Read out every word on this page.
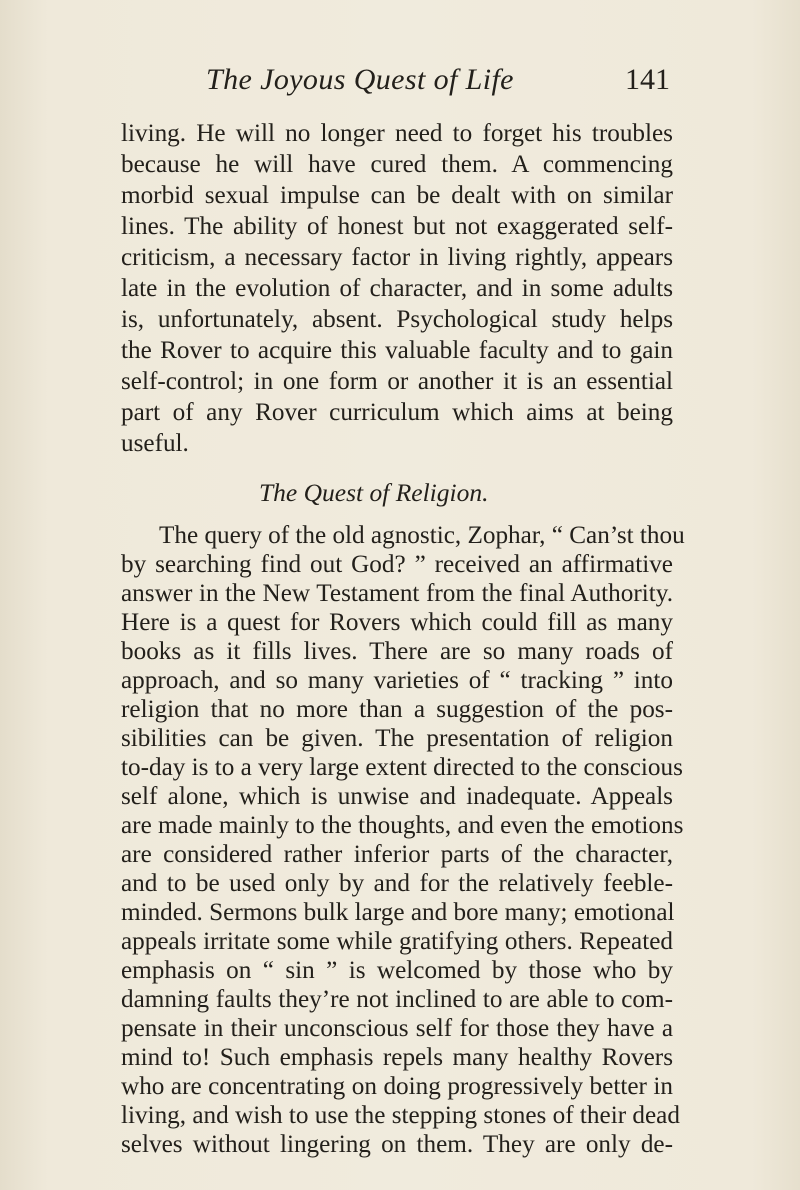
The Joyous Quest of Life	141
living. He will no longer need to forget his troubles
because he will have cured them. A commencing
morbid sexual impulse can be dealt with on similar
lines. The ability of honest but not exaggerated self-
criticism, a necessary factor in living rightly, appears
late in the evolution of character, and in some adults
is, unfortunately, absent. Psychological study helps
the Rover to acquire this valuable faculty and to gain
self-control; in one form or another it is an essential
part of any Rover curriculum which aims at being
useful.
The Quest of Religion.
The query of the old agnostic, Zophar, “ Can’st thou
by searching find out God? ” received an affirmative
answer in the New Testament from the final Authority.
Here is a quest for Rovers which could fill as many
books as it fills lives. There are so many roads of
approach, and so many varieties of “ tracking ” into
religion that no more than a suggestion of the pos-
sibilities can be given. The presentation of religion
to-day is to a very large extent directed to the conscious
self alone, which is unwise and inadequate. Appeals
are made mainly to the thoughts, and even the emotions
are considered rather inferior parts of the character,
and to be used only by and for the relatively feeble-
minded. Sermons bulk large and bore many; emotional
appeals irritate some while gratifying others. Repeated
emphasis on “ sin ” is welcomed by those who by
damning faults they’re not inclined to are able to com-
pensate in their unconscious self for those they have a
mind to! Such emphasis repels many healthy Rovers
who are concentrating on doing progressively better in
living, and wish to use the stepping stones of their dead
selves without lingering on them. They are only de-
